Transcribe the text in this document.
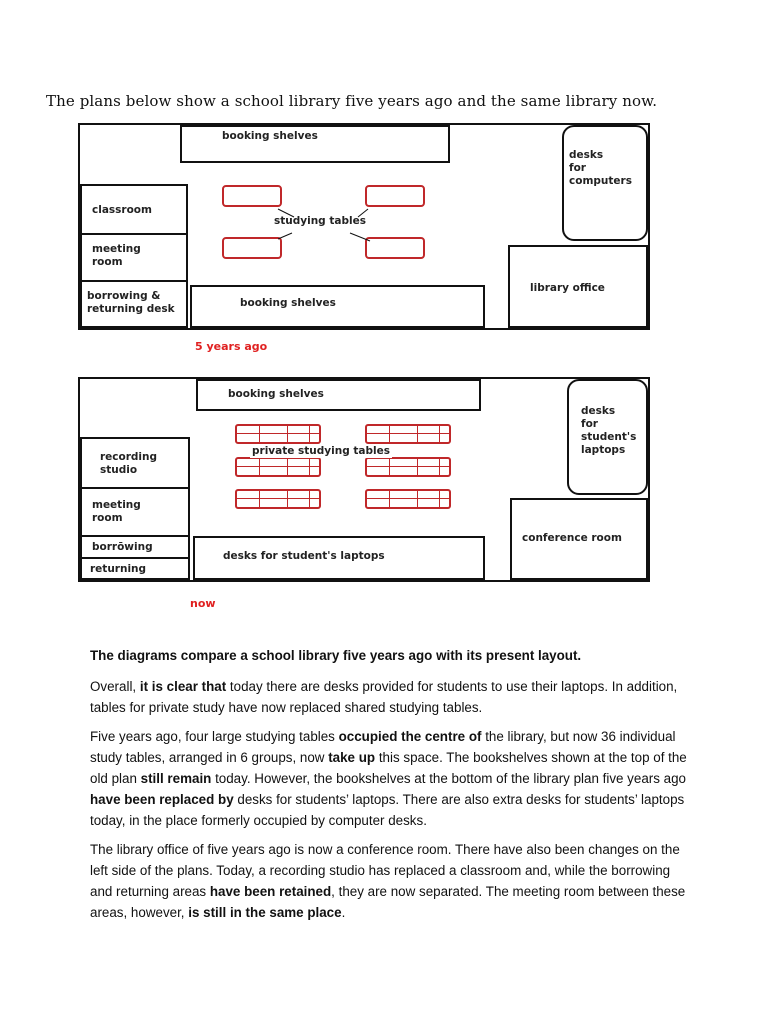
The plans below show a school library five years ago and the same library now.
booking shelves
desks
for
computers
classroom
meeting
room
borrowing &
returning desk	booking shelves
library office
studying tables
5 years ago
booking shelves
desks
for
student's
laptops
recording
studio
meeting
room
borrōwing
returning
desks for student's laptops
conference room
private studying tables
now

The diagrams compare a school library five years ago with its present layout.

Overall, it is clear that today there are desks provided for students to use their laptops. In addition, tables for private study have now replaced shared studying tables.

Five years ago, four large studying tables occupied the centre of the library, but now 36 individual study tables, arranged in 6 groups, now take up this space. The bookshelves shown at the top of the old plan still remain today. However, the bookshelves at the bottom of the library plan five years ago have been replaced by desks for students’ laptops. There are also extra desks for students’ laptops today, in the place formerly occupied by computer desks.

The library office of five years ago is now a conference room. There have also been changes on the left side of the plans. Today, a recording studio has replaced a classroom and, while the borrowing and returning areas have been retained, they are now separated. The meeting room between these areas, however, is still in the same place.
